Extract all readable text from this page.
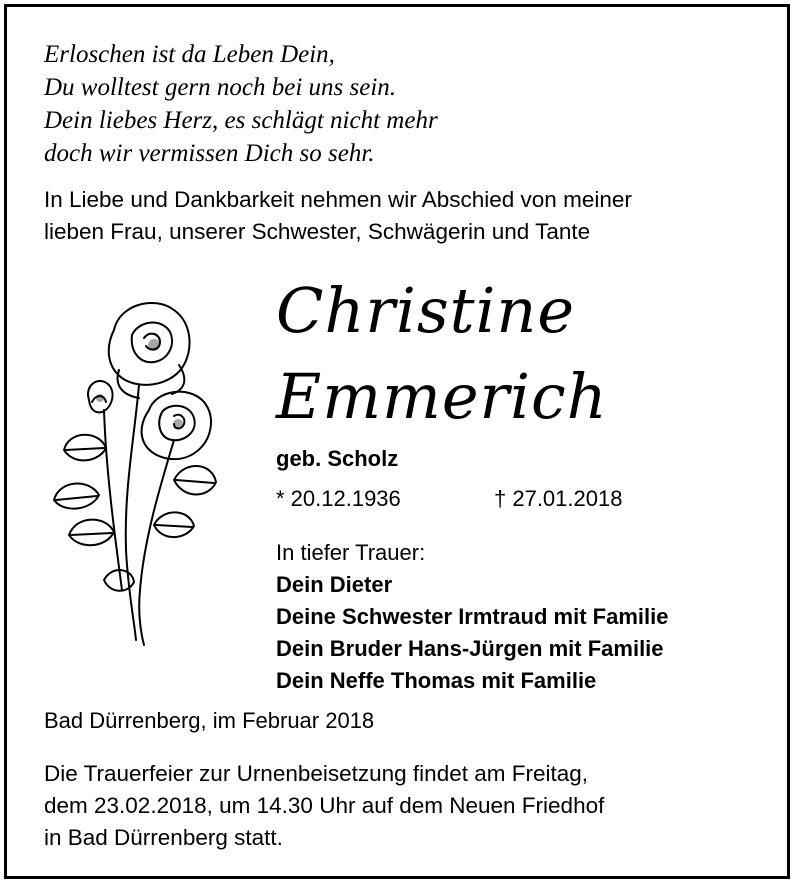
Erloschen ist da Leben Dein,
Du wolltest gern noch bei uns sein.
Dein liebes Herz, es schlägt nicht mehr
doch wir vermissen Dich so sehr.
In Liebe und Dankbarkeit nehmen wir Abschied von meiner
lieben Frau, unserer Schwester, Schwägerin und Tante
Christine
Emmerich
geb. Scholz
* 20.12.1936	† 27.01.2018
In tiefer Trauer:
Dein Dieter
Deine Schwester Irmtraud mit Familie
Dein Bruder Hans-Jürgen mit Familie
Dein Neffe Thomas mit Familie
Bad Dürrenberg, im Februar 2018
Die Trauerfeier zur Urnenbeisetzung findet am Freitag,
dem 23.02.2018, um 14.30 Uhr auf dem Neuen Friedhof
in Bad Dürrenberg statt.
